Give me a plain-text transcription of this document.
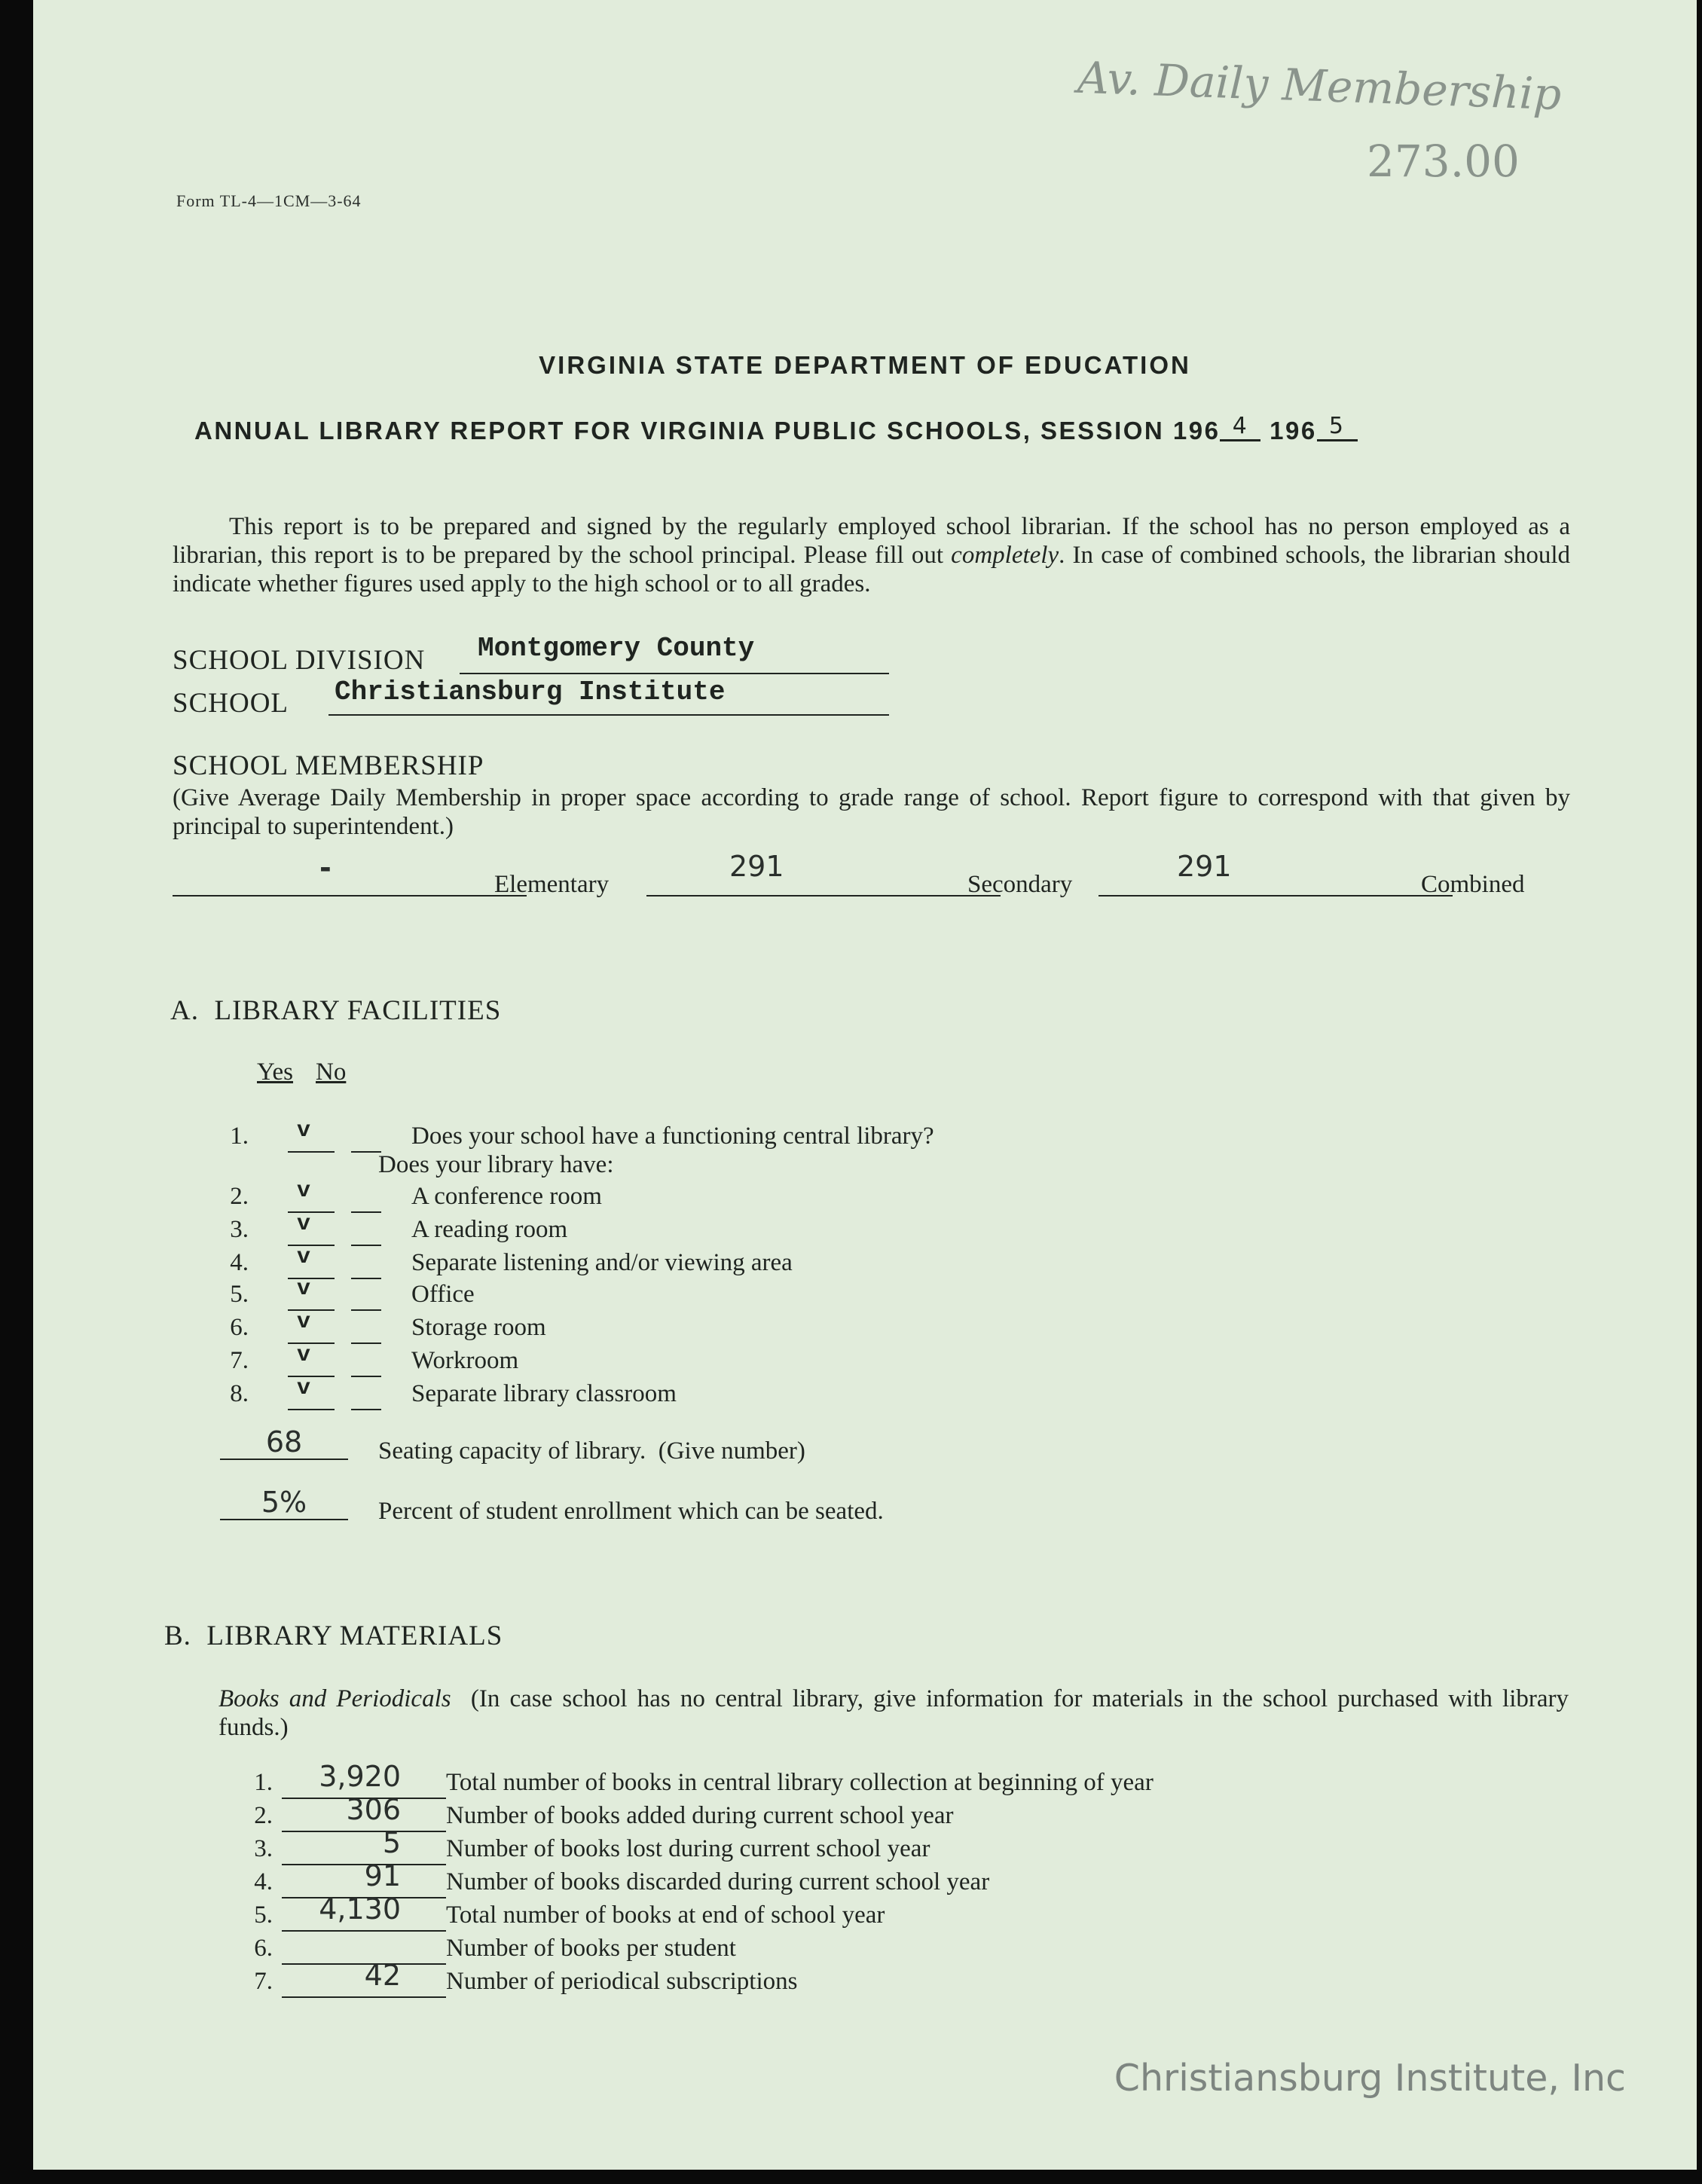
Av. Daily Membership
273.00
Form TL-4—1CM—3-64
VIRGINIA STATE DEPARTMENT OF EDUCATION
ANNUAL LIBRARY REPORT FOR VIRGINIA PUBLIC SCHOOLS, SESSION 196 4 196 5
This report is to be prepared and signed by the regularly employed school librarian. If the school has no person employed as a librarian, this report is to be prepared by the school principal. Please fill out completely. In case of combined schools, the librarian should indicate whether figures used apply to the high school or to all grades.
SCHOOL DIVISION Montgomery County
SCHOOL Christiansburg Institute
SCHOOL MEMBERSHIP
(Give Average Daily Membership in proper space according to grade range of school. Report figure to correspond with that given by principal to superintendent.)
-	Elementary
291
Secondary
291
Combined
A.  LIBRARY FACILITIES
Yes No
1. v	Does your school have a functioning central library?
2. v	A conference room
3. v	A reading room
4. v	Separate listening and/or viewing area
5. v	Office
6. v	Storage room
7. v	Workroom
8. v	Separate library classroom
Does your library have:
68	Seating capacity of library.  (Give number)
5%	Percent of student enrollment which can be seated.
B.  LIBRARY MATERIALS
Books and Periodicals (In case school has no central library, give information for materials in the school purchased with library funds.)
1.	3,920 Total number of books in central library collection at beginning of year
2.	306 Number of books added during current school year
3.	5 Number of books lost during current school year
4.	91 Number of books discarded during current school year
5.	4,130 Total number of books at end of school year
6.	Number of books per student
7.	42 Number of periodical subscriptions
Christiansburg Institute, Inc
